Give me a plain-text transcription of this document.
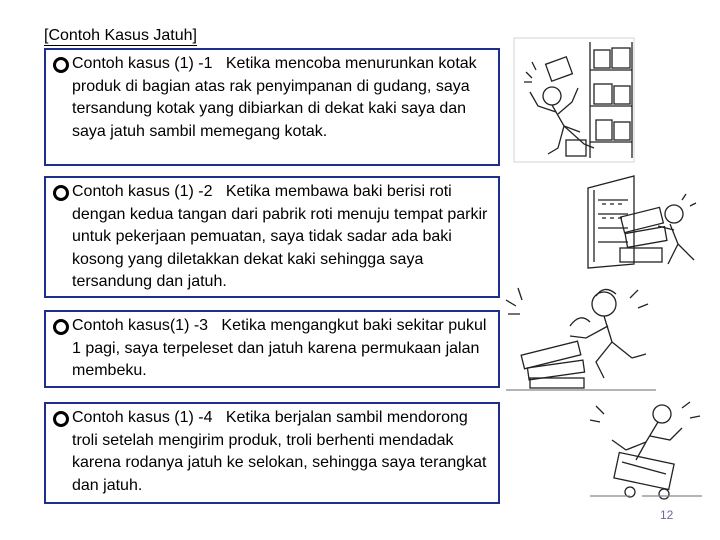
[Contoh Kasus Jatuh]
Contoh kasus (1) -1 Ketika mencoba menurunkan kotak produk di bagian atas rak penyimpanan di gudang, saya tersandung kotak yang dibiarkan di dekat kaki saya dan saya jatuh sambil memegang kotak.
Contoh kasus (1) -2 Ketika membawa baki berisi roti dengan kedua tangan dari pabrik roti menuju tempat parkir untuk pekerjaan pemuatan, saya tidak sadar ada baki kosong yang diletakkan dekat kaki sehingga saya tersandung dan jatuh.
Contoh kasus(1) -3 Ketika mengangkut baki sekitar pukul 1 pagi, saya terpeleset dan jatuh karena permukaan jalan membeku.
Contoh kasus (1) -4 Ketika berjalan sambil mendorong troli setelah mengirim produk, troli berhenti mendadak karena rodanya jatuh ke selokan, sehingga saya terangkat dan jatuh.
12
